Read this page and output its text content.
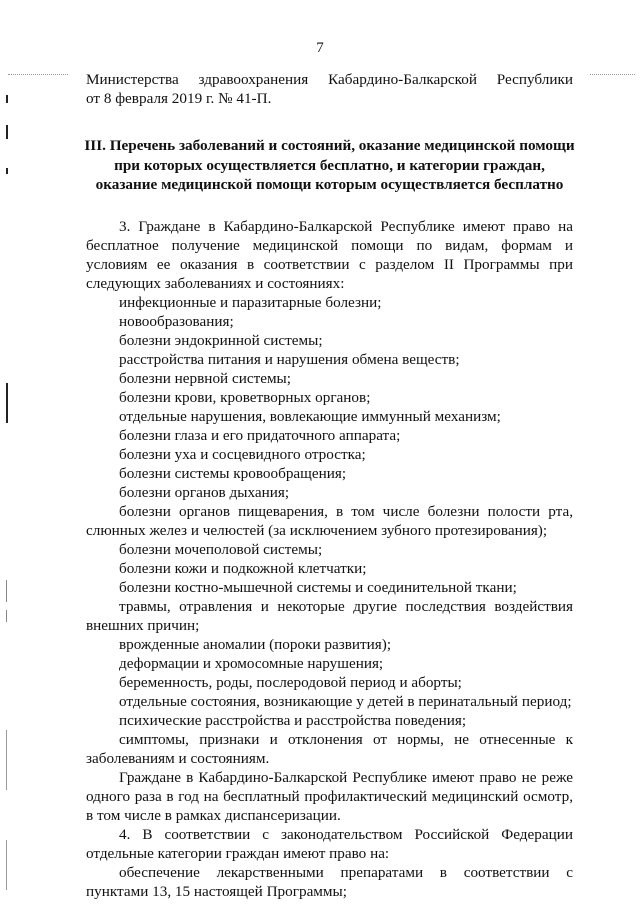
7

Министерства здравоохранения Кабардино-Балкарской Республики

от 8 февраля 2019 г. № 41-П.

III. Перечень заболеваний и состояний, оказание медицинской помощи
при которых осуществляется бесплатно, и категории граждан,
оказание медицинской помощи которым осуществляется бесплатно

3. Граждане в Кабардино-Балкарской Республике имеют право на бесплатное получение медицинской помощи по видам, формам и условиям ее оказания в соответствии с разделом II Программы при следующих заболеваниях и состояниях:

инфекционные и паразитарные болезни;
новообразования;
болезни эндокринной системы;
расстройства питания и нарушения обмена веществ;
болезни нервной системы;
болезни крови, кроветворных органов;
отдельные нарушения, вовлекающие иммунный механизм;
болезни глаза и его придаточного аппарата;
болезни уха и сосцевидного отростка;
болезни системы кровообращения;
болезни органов дыхания;
болезни органов пищеварения, в том числе болезни полости рта, слюнных желез и челюстей (за исключением зубного протезирования);
болезни мочеполовой системы;
болезни кожи и подкожной клетчатки;
болезни костно-мышечной системы и соединительной ткани;
травмы, отравления и некоторые другие последствия воздействия внешних причин;
врожденные аномалии (пороки развития);
деформации и хромосомные нарушения;
беременность, роды, послеродовой период и аборты;
отдельные состояния, возникающие у детей в перинатальный период;
психические расстройства и расстройства поведения;
симптомы, признаки и отклонения от нормы, не отнесенные к заболеваниям и состояниям.

Граждане в Кабардино-Балкарской Республике имеют право не реже одного раза в год на бесплатный профилактический медицинский осмотр, в том числе в рамках диспансеризации.

4. В соответствии с законодательством Российской Федерации отдельные категории граждан имеют право на:

обеспечение лекарственными препаратами в соответствии с пунктами 13, 15 настоящей Программы;
